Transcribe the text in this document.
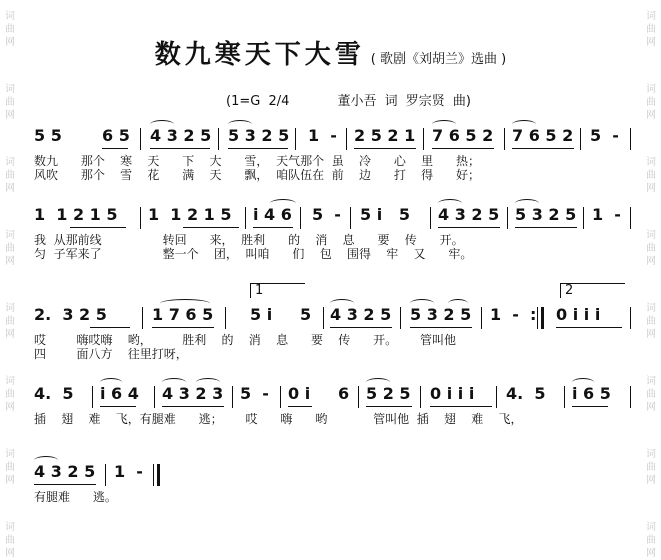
词
曲
网
词
曲
网
词
曲
网
词
曲
网
词
曲
网
词
曲
网
词
曲
网
词
曲
网
词
曲
网
词
曲
网
词
曲
网
词
曲
网
词
曲
网
词
曲
网
词
曲
网
词
曲
网
数九寒天下大雪 ( 歌剧《刘胡兰》选曲 )
(1=G 2/4	董小吾 词 罗宗贤 曲)
5 5	6 5 4 3 2 5 5 3 2 5 1  - 2 5 2 1 7 6 5 2 7 6 5 2 5  -
数九      那个    寒    天      下    大      雪，  天气那个  虽    冷      心    里      热；
风吹      那个    雪    花      满    天      飘，  咱队伍在  前    边      打    得      好；
1  1 2 1 5 1  1 2 1 5 i 4 6 5  - 5 i   5 4 3 2 5 5 3 2 5 1  -
我  从那前线                转回      来，  胜利      的    消    息      要    传      开。
匀  子军来了                整一个    团，  叫咱      们    包    围得    牢    又      牢。
1	2
2.  3 2 5	1 7 6 5 5 i 5 4 3 2 5 5 3 2 5 1  -  : 0 i i i
哎        嗨哎嗨    哟，        胜利    的    消    息      要    传      开。      管叫他
四        面八方    往里打呀，
4.  5 i 6 4 4 3 2 3 5  - 0 i 6 5 2 5 0 i i i 4.  5 i 6 5
插    翅    难    飞，有腿难      逃；      哎      嗨      哟            管叫他  插    翅    难    飞，
4 3 2 5 1  -
有腿难      逃。
